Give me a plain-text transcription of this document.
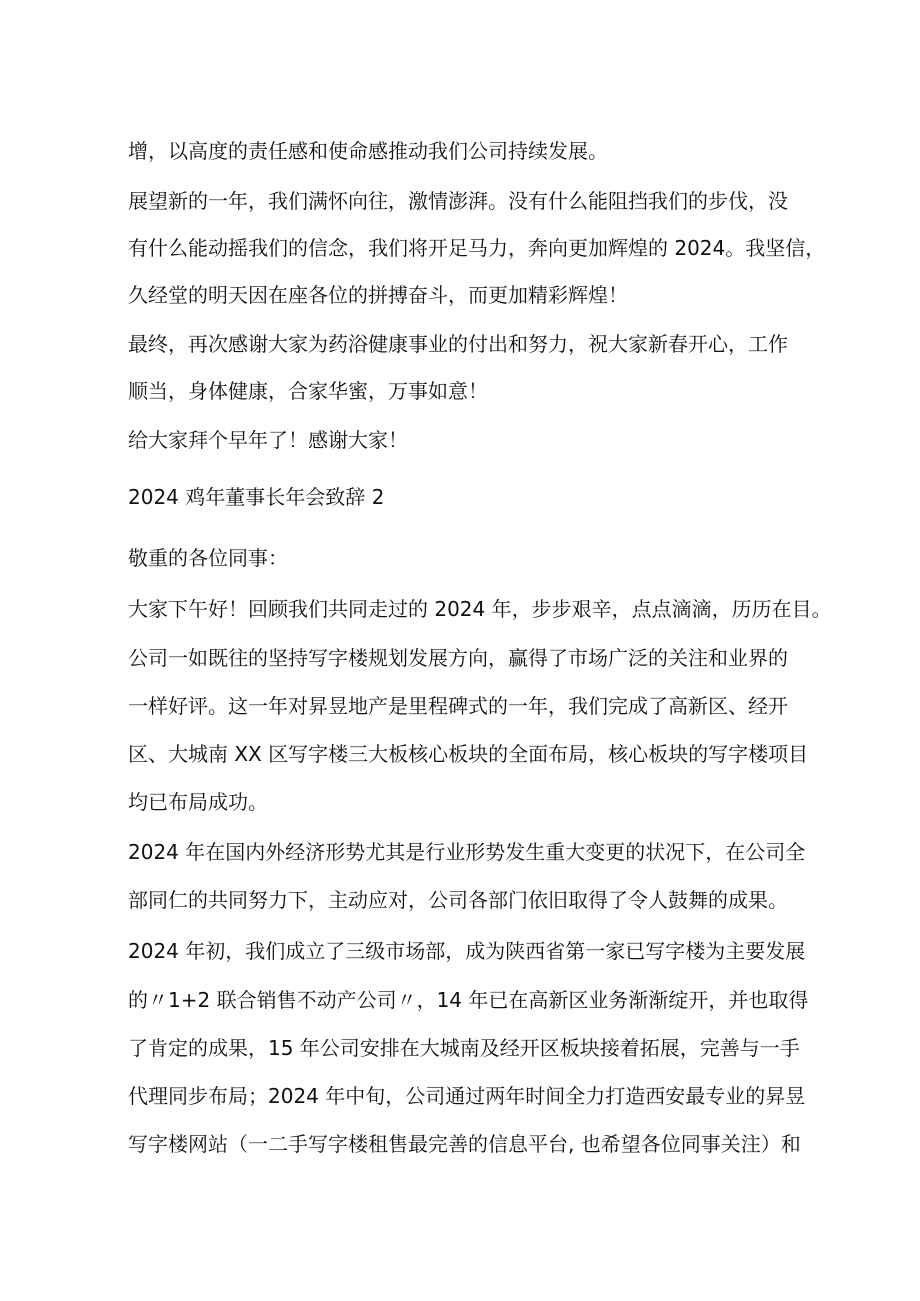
增，以高度的责任感和使命感推动我们公司持续发展。
展望新的一年，我们满怀向往，激情澎湃。没有什么能阻挡我们的步伐，没
有什么能动摇我们的信念，我们将开足马力，奔向更加辉煌的 2024。我坚信，
久经堂的明天因在座各位的拼搏奋斗，而更加精彩辉煌！
最终，再次感谢大家为药浴健康事业的付出和努力，祝大家新春开心，工作
顺当，身体健康，合家华蜜，万事如意！
给大家拜个早年了！感谢大家！
2024 鸡年董事长年会致辞 2
敬重的各位同事：
大家下午好！回顾我们共同走过的 2024 年，步步艰辛，点点滴滴，历历在目。
公司一如既往的坚持写字楼规划发展方向，赢得了市场广泛的关注和业界的
一样好评。这一年对昇昱地产是里程碑式的一年，我们完成了高新区、经开
区、大城南 XX 区写字楼三大板核心板块的全面布局，核心板块的写字楼项目
均已布局成功。
2024 年在国内外经济形势尤其是行业形势发生重大变更的状况下，在公司全
部同仁的共同努力下，主动应对，公司各部门依旧取得了令人鼓舞的成果。
2024 年初，我们成立了三级市场部，成为陕西省第一家已写字楼为主要发展
的〃1+2 联合销售不动产公司〃，14 年已在高新区业务渐渐绽开，并也取得
了肯定的成果，15 年公司安排在大城南及经开区板块接着拓展，完善与一手
代理同步布局；2024 年中旬，公司通过两年时间全力打造西安最专业的昇昱
写字楼网站（一二手写字楼租售最完善的信息平台, 也希望各位同事关注）和
